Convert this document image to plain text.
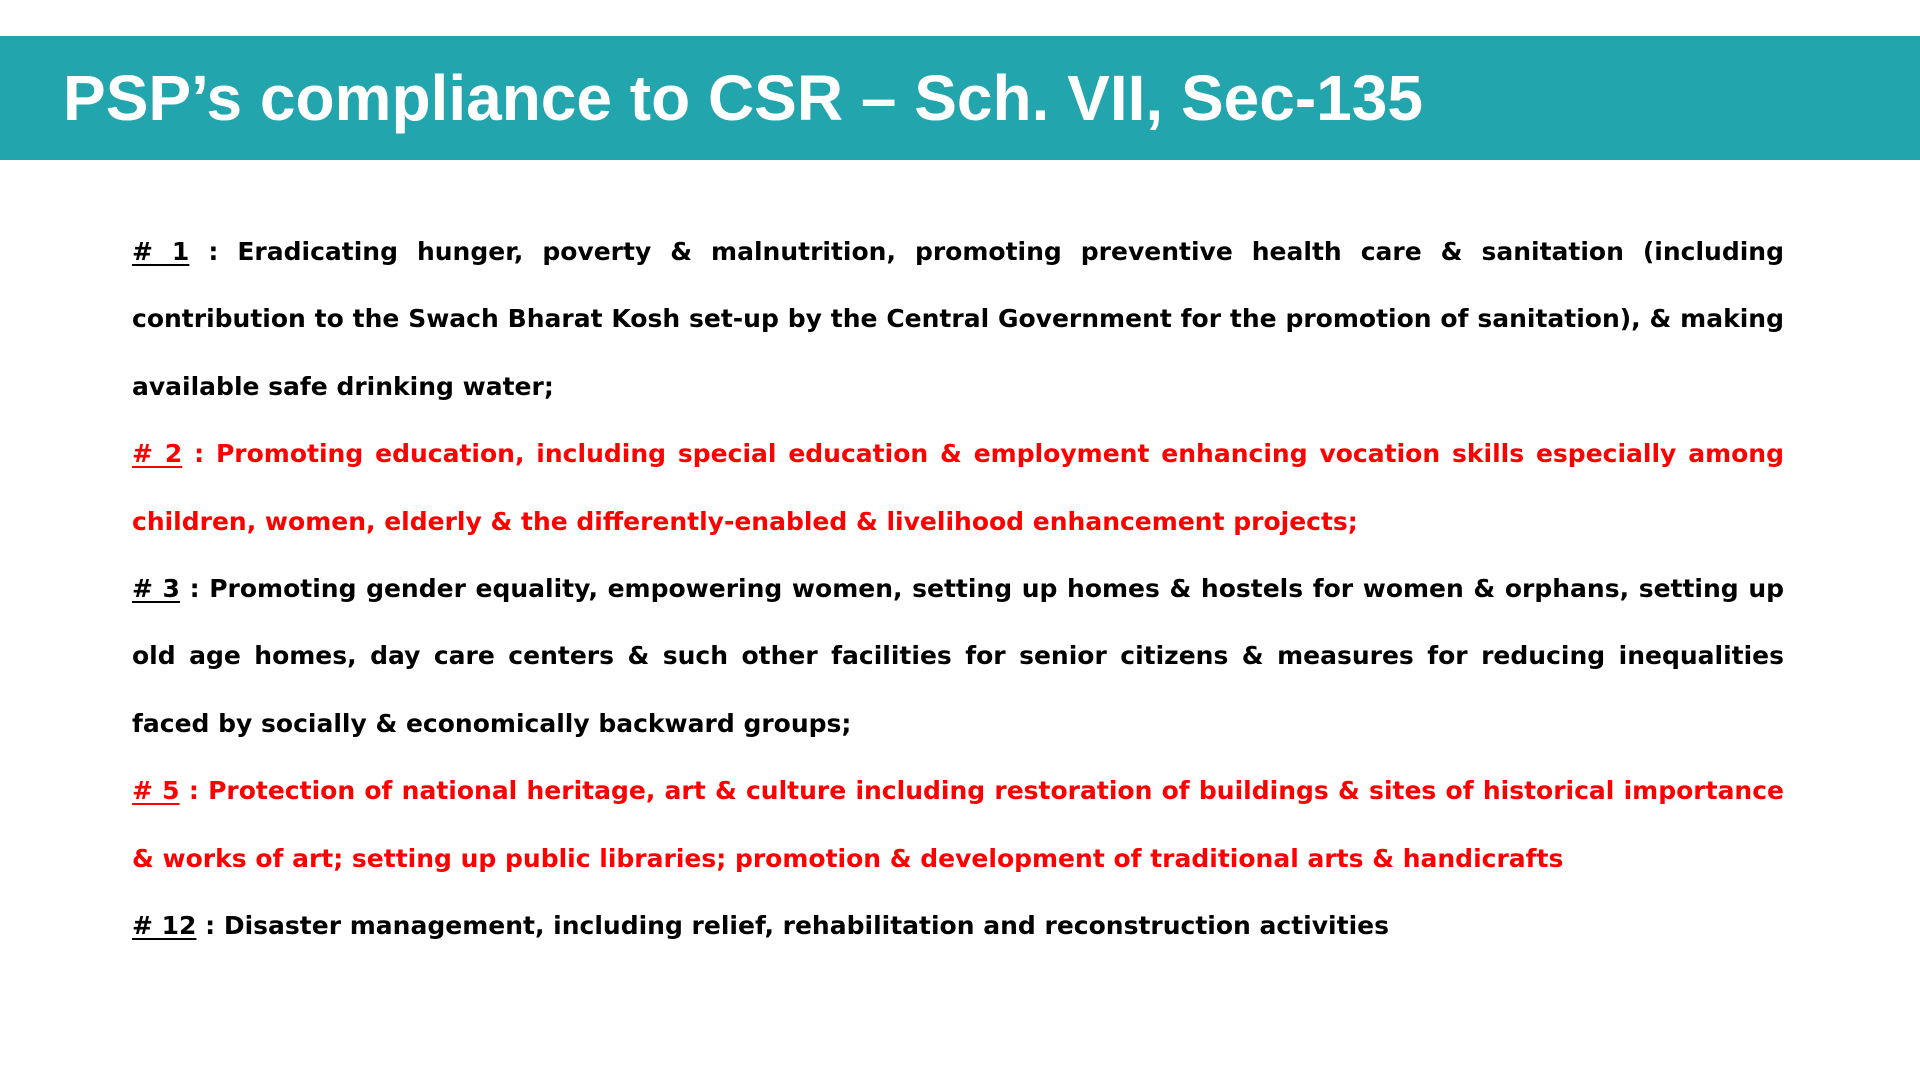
PSP’s compliance to CSR – Sch. VII, Sec-135

# 1 : Eradicating hunger, poverty & malnutrition, promoting preventive health care & sanitation (including contribution to the Swach Bharat Kosh set-up by the Central Government for the promotion of sanitation), & making available safe drinking water;

# 2 : Promoting education, including special education & employment enhancing vocation skills especially among children, women, elderly & the differently-enabled & livelihood enhancement projects;

# 3 : Promoting gender equality, empowering women, setting up homes & hostels for women & orphans, setting up old age homes, day care centers & such other facilities for senior citizens & measures for reducing inequalities faced by socially & economically backward groups;

# 5 : Protection of national heritage, art & culture including restoration of buildings & sites of historical importance & works of art; setting up public libraries; promotion & development of traditional arts & handicrafts

# 12 : Disaster management, including relief, rehabilitation and reconstruction activities
